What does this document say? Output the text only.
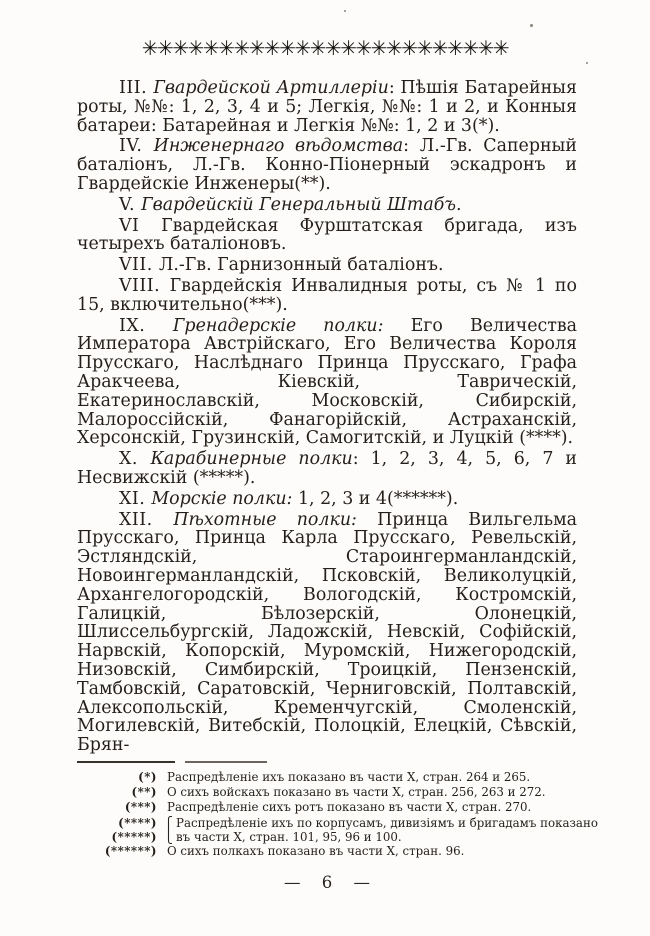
✳✳✳✳✳✳✳✳✳✳✳✳✳✳✳✳✳✳✳✳✳✳✳✳

III. Гвардейской Артиллеріи: Пѣшія Батарейныя роты, №№: 1, 2, 3, 4 и 5; Легкія, №№: 1 и 2, и Конныя батареи: Батарейная и Легкія №№: 1, 2 и 3(*).

IV. Инженернаго вѣдомства: Л.-Гв. Саперный баталіонъ, Л.-Гв. Конно-Піонерный эскадронъ и Гвардейскіе Инженеры(**).

V. Гвардейскій Генеральный Штабъ.

VI Гвардейская Фурштатская бригада, изъ четырехъ баталіоновъ.

VII. Л.-Гв. Гарнизонный баталіонъ.

VIII. Гвардейскія Инвалидныя роты, съ № 1 по 15, включительно(***).

IX. Гренадерскіе полки: Его Величества Императора Австрійскаго, Его Величества Короля Прусскаго, Наслѣднаго Принца Прусскаго, Графа Аракчеева, Кіевскій, Таврическій, Екатеринославскій, Московскій, Сибирскій, Малороссійскій, Фанагорійскій, Астраханскій, Херсонскій, Грузинскій, Самогитскій, и Луцкій (****).

X. Карабинерные полки: 1, 2, 3, 4, 5, 6, 7 и Несвижскій (*****).

XI. Морскіе полки: 1, 2, 3 и 4(******).

XII. Пѣхотные полки: Принца Вильгельма Прусскаго, Принца Карла Прусскаго, Ревельскій, Эстляндскій, Староингерманландскій, Новоингерманландскій, Псковскій, Великолуцкій, Архангелогородскій, Вологодскій, Костромскій, Галицкій, Бѣлозерскій, Олонецкій, Шлиссельбургскій, Ладожскій, Невскій, Софійскій, Нарвскій, Копорскій, Муромскій, Нижегородскій, Низовскій, Симбирскій, Троицкій, Пензенскій, Тамбовскій, Саратовскій, Черниговскій, Полтавскій, Алексопольскій, Кременчугскій, Смоленскій, Могилевскій, Витебскій, Полоцкій, Елецкій, Сѣвскій, Брян-

(*) Распредѣленіе ихъ показано въ части X, стран. 264 и 265.
(**) О сихъ войскахъ показано въ части X, стран. 256, 263 и 272.
(***) Распредѣленіе сихъ ротъ показано въ части X, стран. 270.
(****) ⎧ Распредѣленіе ихъ по корпусамъ, дивизіямъ и бригадамъ показано
(*****) ⎩ въ части X, стран. 101, 95, 96 и 100.
(******) О сихъ полкахъ показано въ части X, стран. 96.
— 6 —
